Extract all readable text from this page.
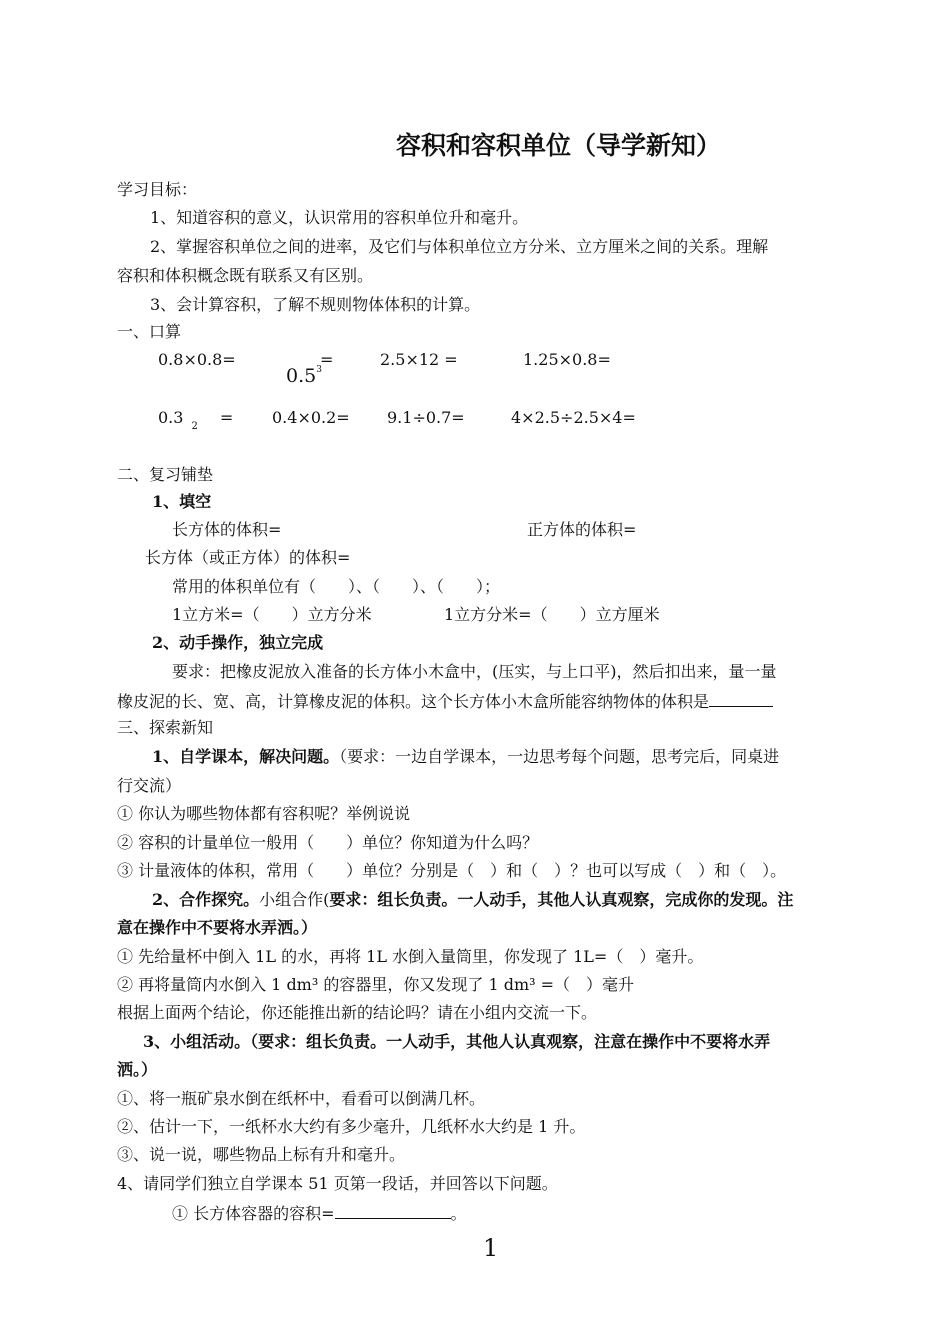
容积和容积单位（导学新知）
学习目标：
1、知道容积的意义，认识常用的容积单位升和毫升。
2、掌握容积单位之间的进率，及它们与体积单位立方分米、立方厘米之间的关系。理解
容积和体积概念既有联系又有区别。
3、会计算容积，了解不规则物体体积的计算。
一、口算
0.8×0.8=	=
$0.5^3$
2.5×12 =	1.25×0.8=
0.3 $_2$ = 0.4×0.2= 9.1÷0.7=	4×2.5÷2.5×4=
二、复习铺垫
1、填空
长方体的体积=	正方体的体积=
长方体（或正方体）的体积=
常用的体积单位有（　　）、（　　）、（　　）；
1立方米=（　　）立方分米	1立方分米=（　　）立方厘米
2、动手操作，独立完成
要求：把橡皮泥放入准备的长方体小木盒中，(压实，与上口平)，然后扣出来，量一量
橡皮泥的长、宽、高，计算橡皮泥的体积。这个长方体小木盒所能容纳物体的体积是
三、探索新知
1、自学课本，解决问题。（要求：一边自学课本，一边思考每个问题，思考完后，同桌进
行交流）
① 你认为哪些物体都有容积呢？举例说说
② 容积的计量单位一般用（　　）单位？你知道为什么吗？
③ 计量液体的体积，常用（　　）单位？分别是（　）和（　）？也可以写成（　）和（　）。
2、合作探究。小组合作(要求：组长负责。一人动手，其他人认真观察，完成你的发现。注
意在操作中不要将水弄洒。）
① 先给量杯中倒入 1L 的水，再将 1L 水倒入量筒里，你发现了 1L=（　）毫升。
② 再将量筒内水倒入 1 dm³ 的容器里，你又发现了 1 dm³ =（　）毫升
根据上面两个结论，你还能推出新的结论吗？请在小组内交流一下。
3、小组活动。（要求：组长负责。一人动手，其他人认真观察，注意在操作中不要将水弄
洒。）
①、将一瓶矿泉水倒在纸杯中，看看可以倒满几杯。
②、估计一下，一纸杯水大约有多少毫升，几纸杯水大约是 1 升。
③、说一说，哪些物品上标有升和毫升。
4、请同学们独立自学课本 51 页第一段话，并回答以下问题。
① 长方体容器的容积=	。
1
